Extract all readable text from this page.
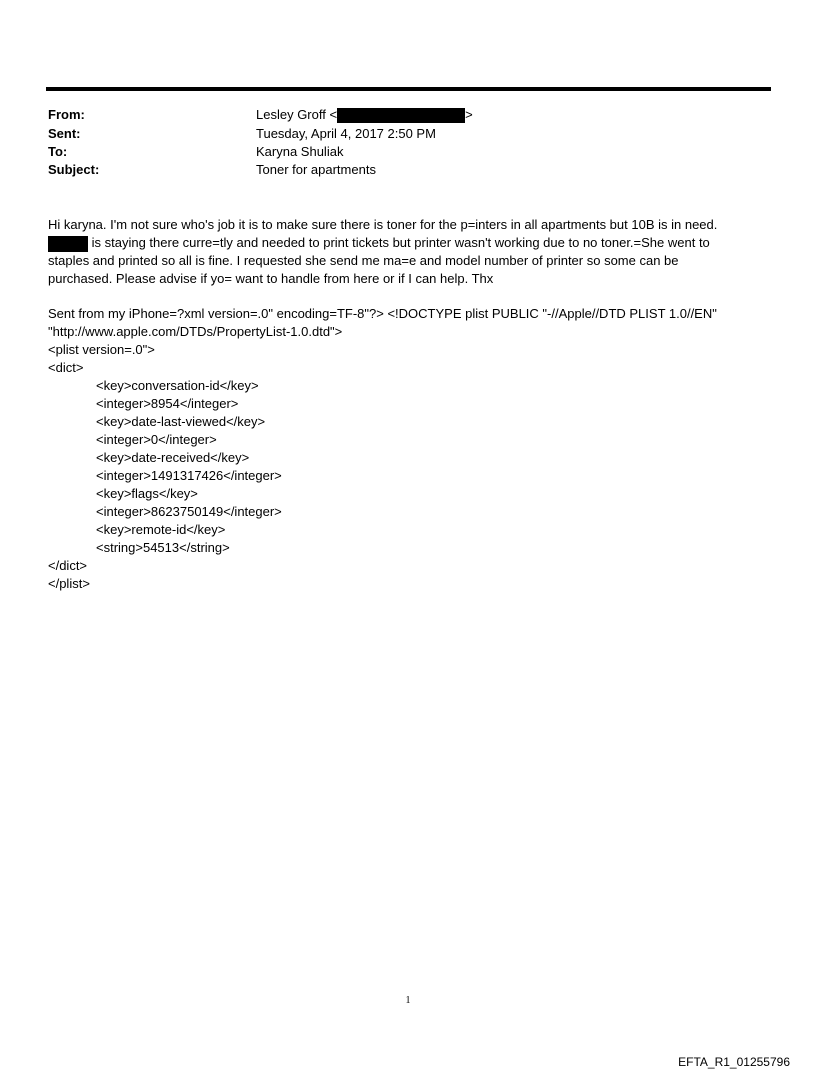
From:	Lesley Groff <	>
Sent:	Tuesday, April 4, 2017 2:50 PM
To:	Karyna Shuliak
Subject:	Toner for apartments
Hi karyna. I'm not sure who's job it is to make sure there is toner for the p=inters in all apartments but 10B is in need.
is staying there curre=tly and needed to print tickets but printer wasn't working due to no toner.=She went to
staples and printed so all is fine. I requested she send me ma=e and model number of printer so some can be
purchased. Please advise if yo= want to handle from here or if I can help. Thx
Sent from my iPhone=?xml version=.0" encoding=TF-8"?> <!DOCTYPE plist PUBLIC "-//Apple//DTD PLIST 1.0//EN"
"http://www.apple.com/DTDs/PropertyList-1.0.dtd">
<plist version=.0">
<dict>
<key>conversation-id</key>
<integer>8954</integer>
<key>date-last-viewed</key>
<integer>0</integer>
<key>date-received</key>
<integer>1491317426</integer>
<key>flags</key>
<integer>8623750149</integer>
<key>remote-id</key>
<string>54513</string>
</dict>
</plist>
1
EFTA_R1_01255796
